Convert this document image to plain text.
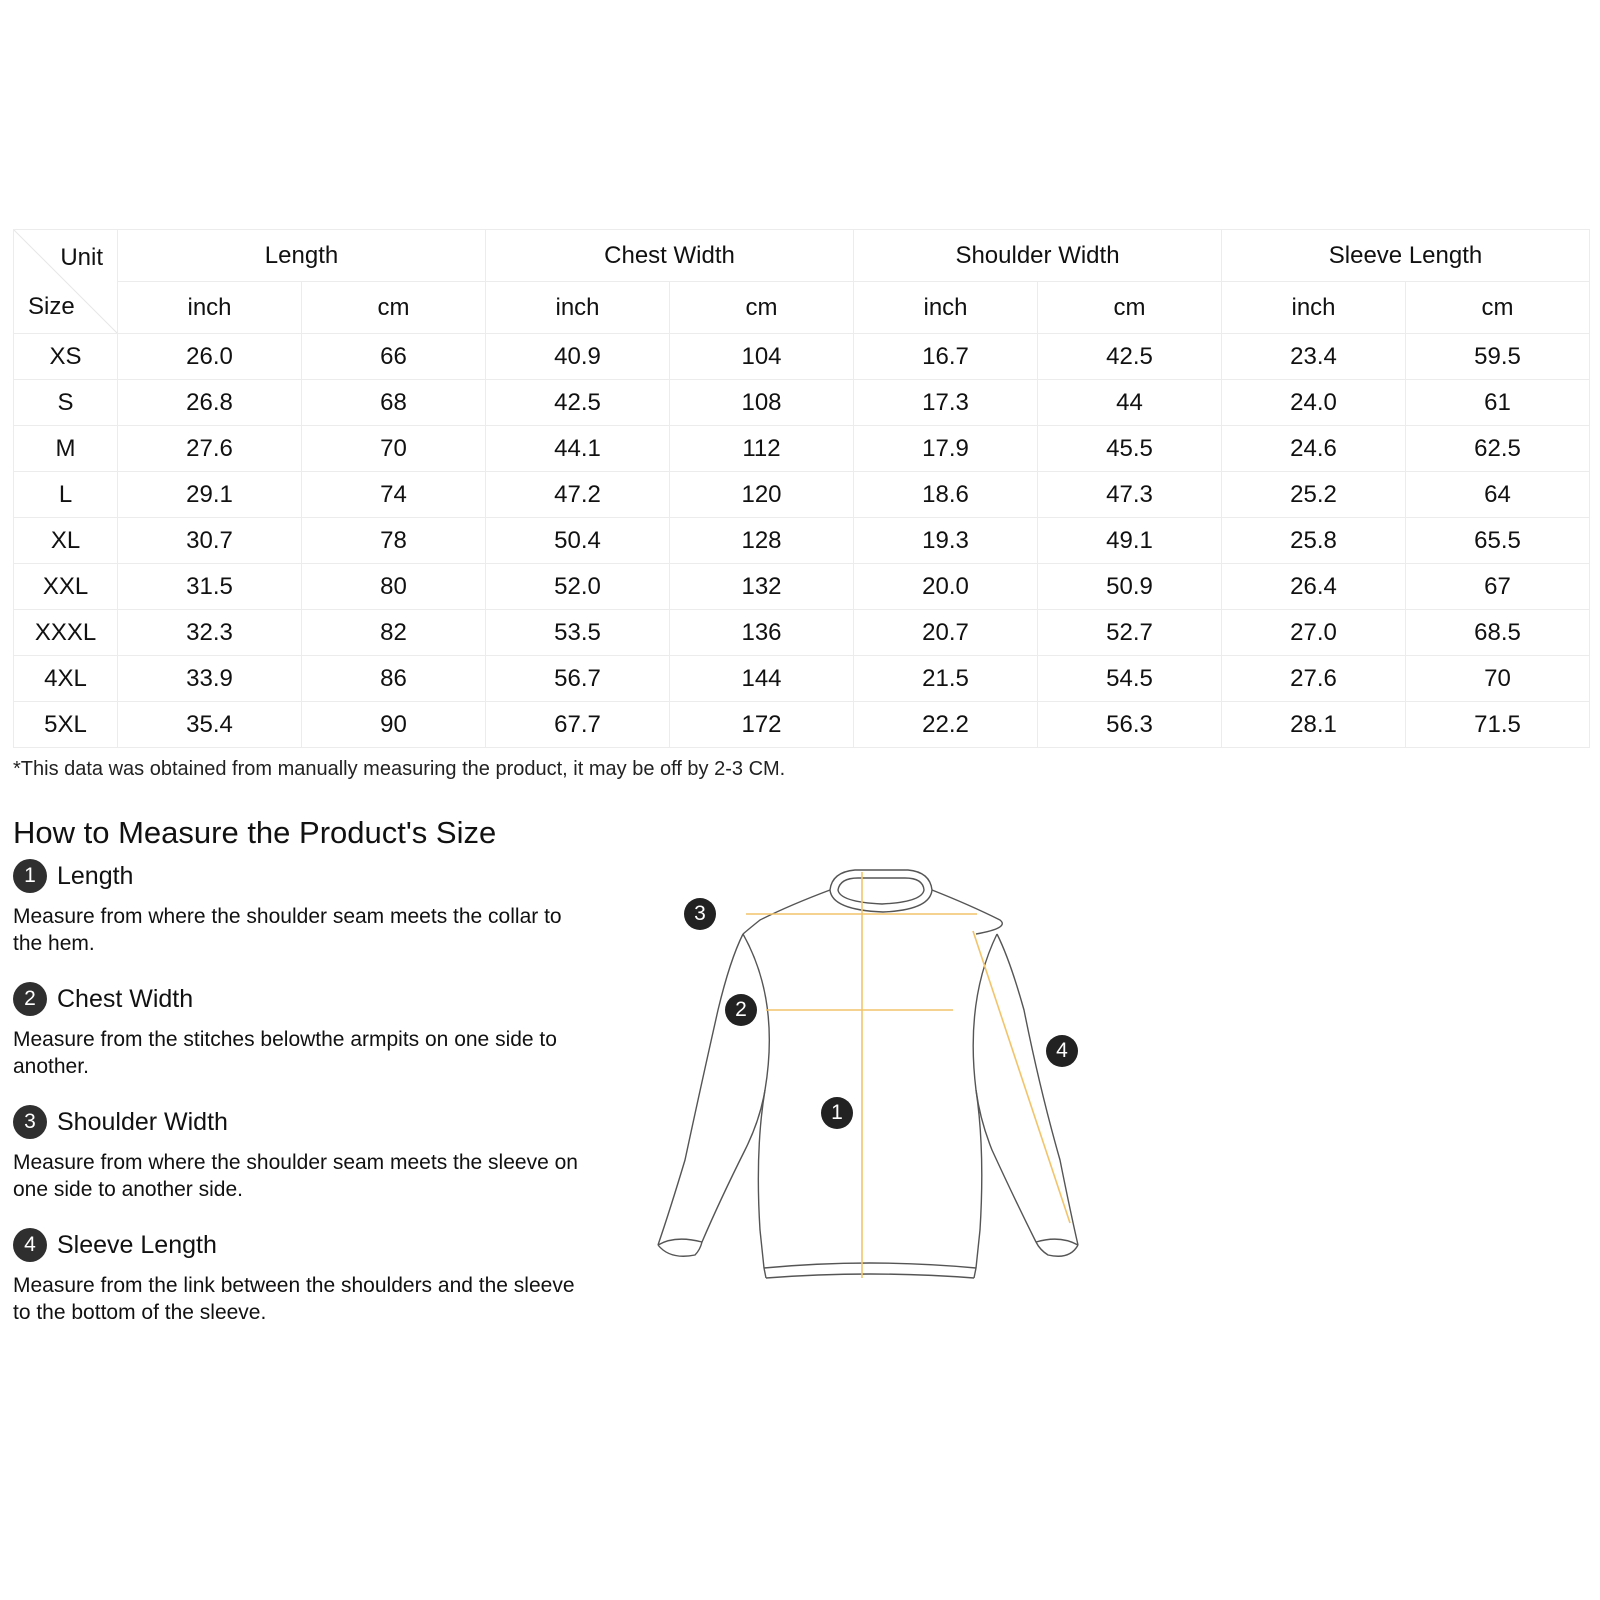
Unit
Size	Length		Chest Width		Shoulder Width		Sleeve Length	
	inch	cm	inch	cm	inch	cm	inch	cm
XS	26.0	66	40.9	104	16.7	42.5	23.4	59.5
S	26.8	68	42.5	108	17.3	44	24.0	61
M	27.6	70	44.1	112	17.9	45.5	24.6	62.5
L	29.1	74	47.2	120	18.6	47.3	25.2	64
XL	30.7	78	50.4	128	19.3	49.1	25.8	65.5
XXL	31.5	80	52.0	132	20.0	50.9	26.4	67
XXXL	32.3	82	53.5	136	20.7	52.7	27.0	68.5
4XL	33.9	86	56.7	144	21.5	54.5	27.6	70
5XL	35.4	90	67.7	172	22.2	56.3	28.1	71.5
*This data was obtained from manually measuring the product, it may be off by 2-3 CM.
How to Measure the Product's Size
1 Length
Measure from where the shoulder seam meets the collar to the hem.
2 Chest Width
Measure from the stitches belowthe armpits on one side to another.
3 Shoulder Width
Measure from where the shoulder seam meets the sleeve on one side to another side.
4 Sleeve Length
Measure from the link between the shoulders and the sleeve to the bottom of the sleeve.
3
2
1
4
